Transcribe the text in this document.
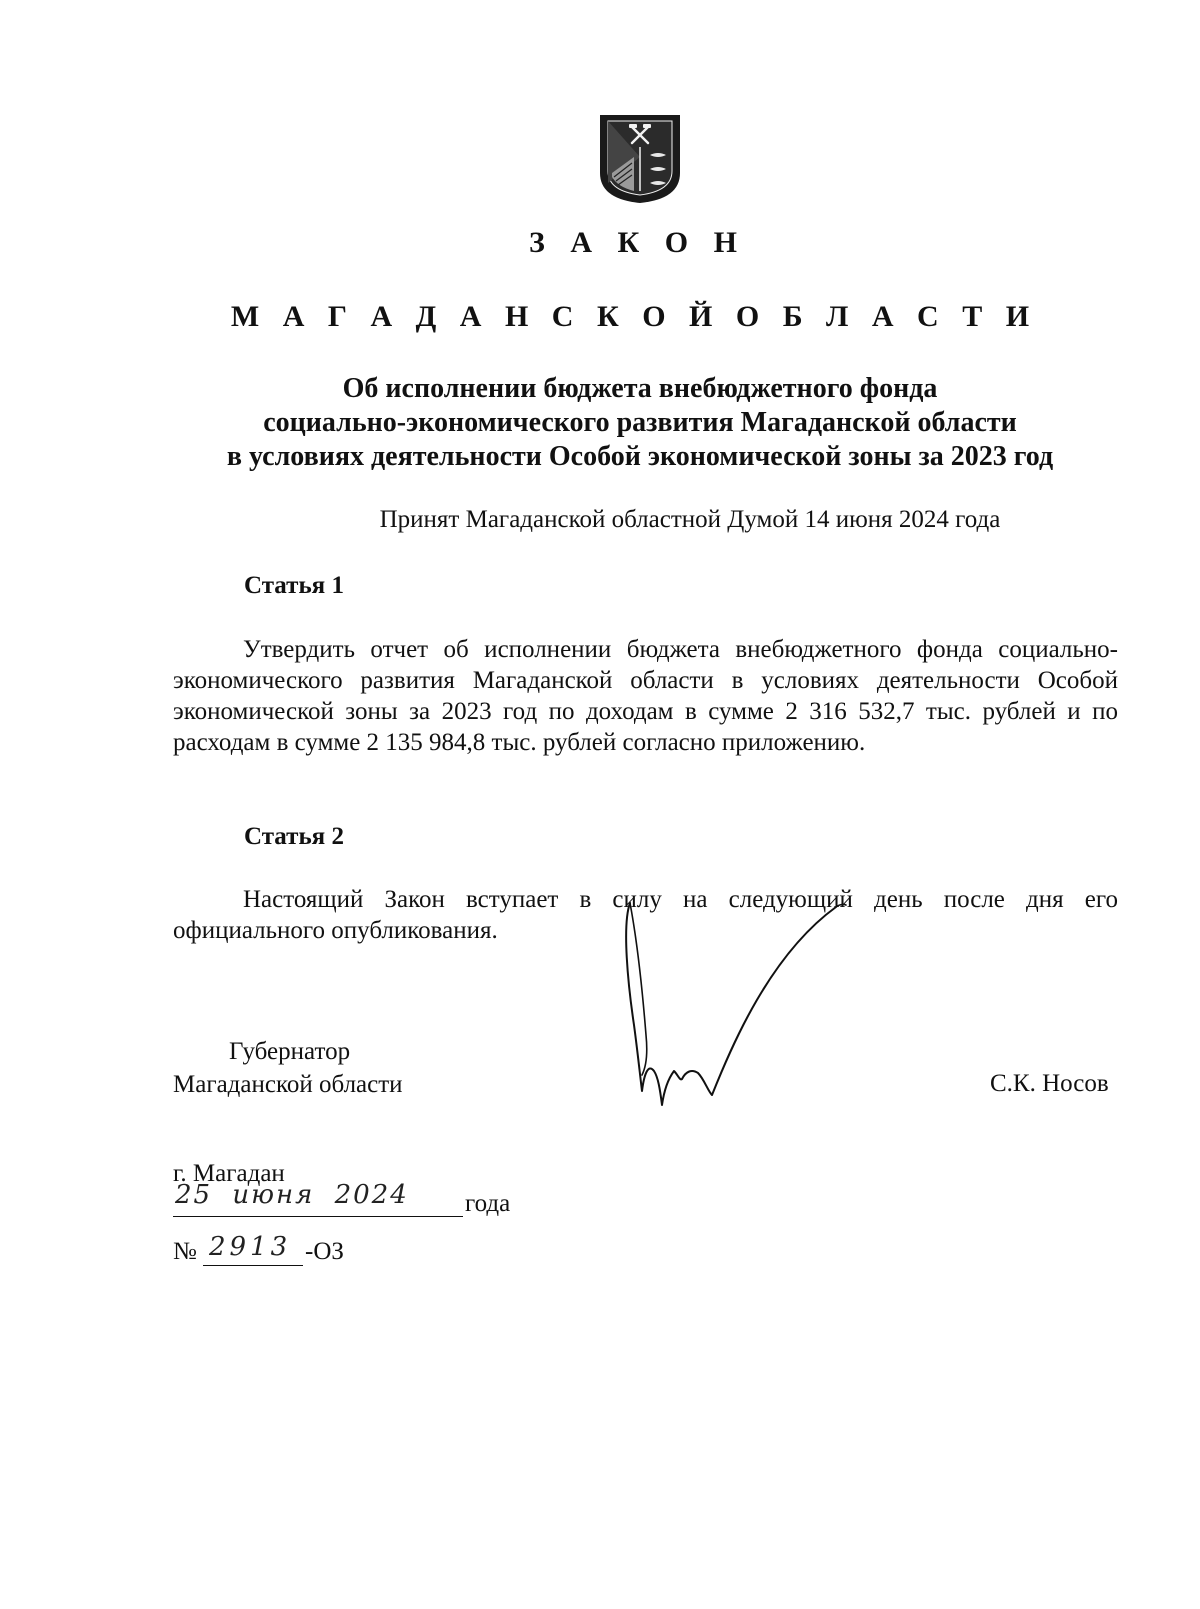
З А К О Н
М А Г А Д А Н С К О Й О Б Л А С Т И
Об исполнении бюджета внебюджетного фонда
социально-экономического развития Магаданской области
в условиях деятельности Особой экономической зоны за 2023 год
Принят Магаданской областной Думой 14 июня 2024 года
Статья 1
Утвердить отчет об исполнении бюджета внебюджетного фонда социально-экономического развития Магаданской области в условиях деятельности Особой экономической зоны за 2023 год по доходам в сумме 2 316 532,7 тыс. рублей и по расходам в сумме 2 135 984,8 тыс. рублей согласно приложению.
Статья 2
Настоящий Закон вступает в силу на следующий день после дня его официального опубликования.
Губернатор
Магаданской области	С.К. Носов
г. Магадан
25 июня 2024 года
№ 2913 -ОЗ
